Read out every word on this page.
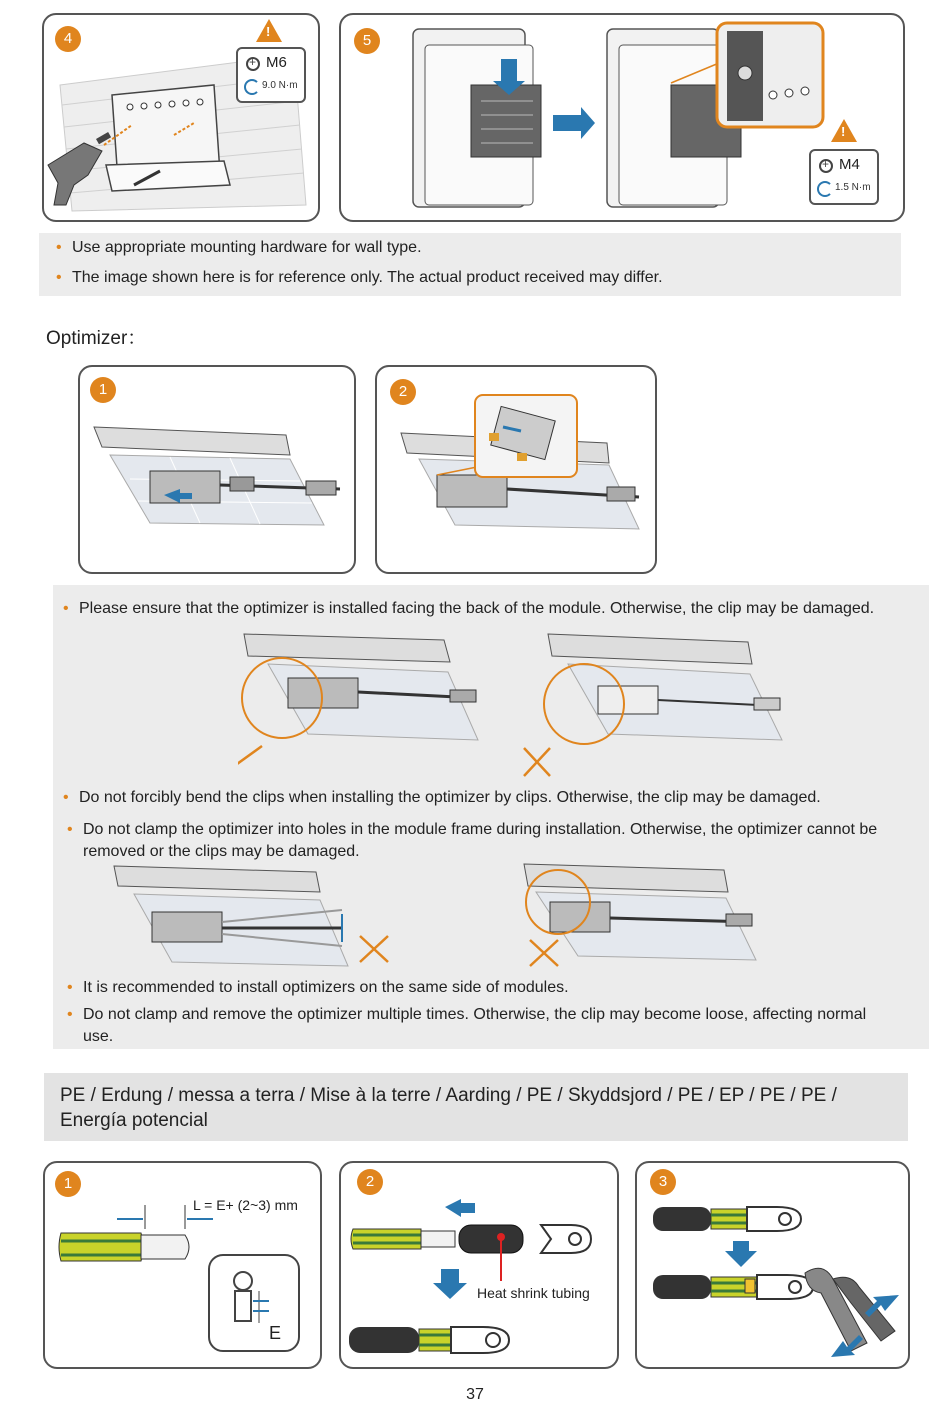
4
!
+
M6
9.0 N·m
5
!
+
M4
1.5 N·m
• Use appropriate mounting hardware for wall type.
• The image shown here is for reference only. The actual product received may differ.
Optimizer：
1	2
• Please ensure that the optimizer is installed facing the back of the module. Otherwise, the clip may be damaged.
• Do not forcibly bend the clips when installing the optimizer by clips. Otherwise, the clip may be damaged.
• Do not clamp the optimizer into holes in the module frame during installation. Otherwise, the optimizer cannot be removed or the clips may be damaged.
• It is recommended to install optimizers on the same side of modules.
• Do not clamp and remove the optimizer multiple times. Otherwise, the clip may become loose, affecting normal use.
PE / Erdung / messa a terra / Mise à la terre / Aarding / PE / Skyddsjord / PE / EP / PE / PE / Energía potencial
1
L = E+ (2~3) mm
E
2
Heat shrink tubing
3
37
